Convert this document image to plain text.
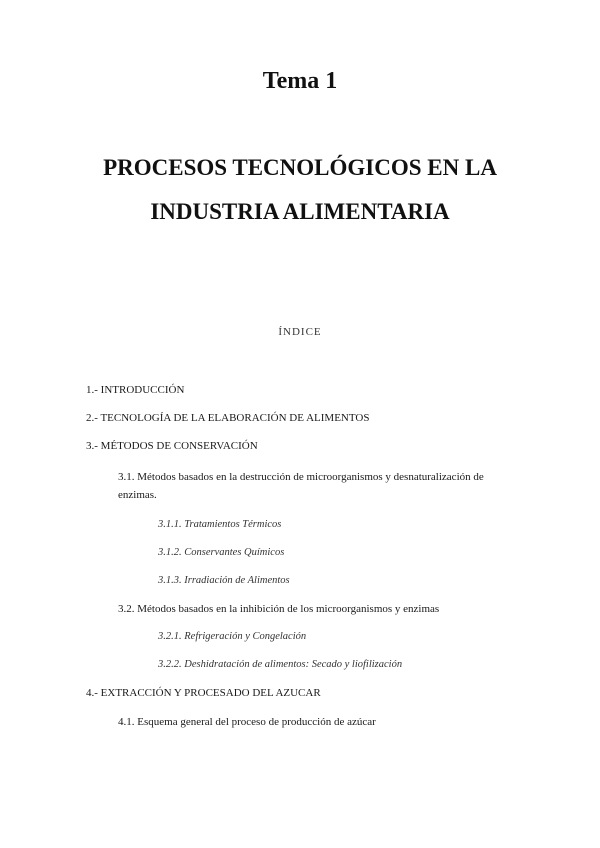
Tema 1
PROCESOS TECNOLÓGICOS EN LA
INDUSTRIA ALIMENTARIA
ÍNDICE
1.- INTRODUCCIÓN
2.- TECNOLOGÍA DE LA ELABORACIÓN DE ALIMENTOS
3.- MÉTODOS DE CONSERVACIÓN
3.1. Métodos basados en la destrucción de microorganismos y desnaturalización de enzimas.
3.1.1. Tratamientos Térmicos
3.1.2. Conservantes Químicos
3.1.3. Irradiación de Alimentos
3.2. Métodos basados en la inhibición de los microorganismos y enzimas
3.2.1. Refrigeración y Congelación
3.2.2. Deshidratación de alimentos: Secado y liofilización
4.- EXTRACCIÓN Y PROCESADO DEL AZUCAR
4.1. Esquema general del proceso de producción de azúcar
